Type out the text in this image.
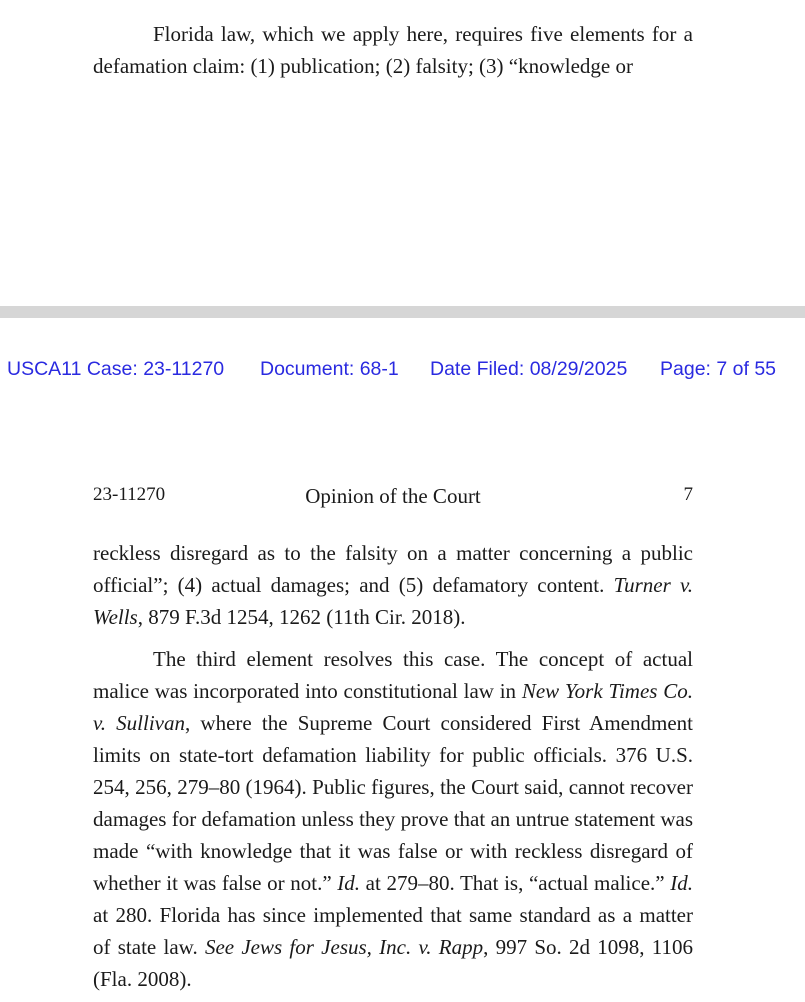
Florida law, which we apply here, requires five elements for a defamation claim: (1) publication; (2) falsity; (3) “knowledge or
USCA11 Case: 23-11270 Document: 68-1 Date Filed: 08/29/2025 Page: 7 of 55
23-11270	Opinion of the Court	7

reckless disregard as to the falsity on a matter concerning a public official”; (4) actual damages; and (5) defamatory content. Turner v. Wells, 879 F.3d 1254, 1262 (11th Cir. 2018).

The third element resolves this case. The concept of actual malice was incorporated into constitutional law in New York Times Co. v. Sullivan, where the Supreme Court considered First Amendment limits on state-tort defamation liability for public officials. 376 U.S. 254, 256, 279–80 (1964). Public figures, the Court said, cannot recover damages for defamation unless they prove that an untrue statement was made “with knowledge that it was false or with reckless disregard of whether it was false or not.” Id. at 279–80. That is, “actual malice.” Id. at 280. Florida has since implemented that same standard as a matter of state law. See Jews for Jesus, Inc. v. Rapp, 997 So. 2d 1098, 1106 (Fla. 2008).
